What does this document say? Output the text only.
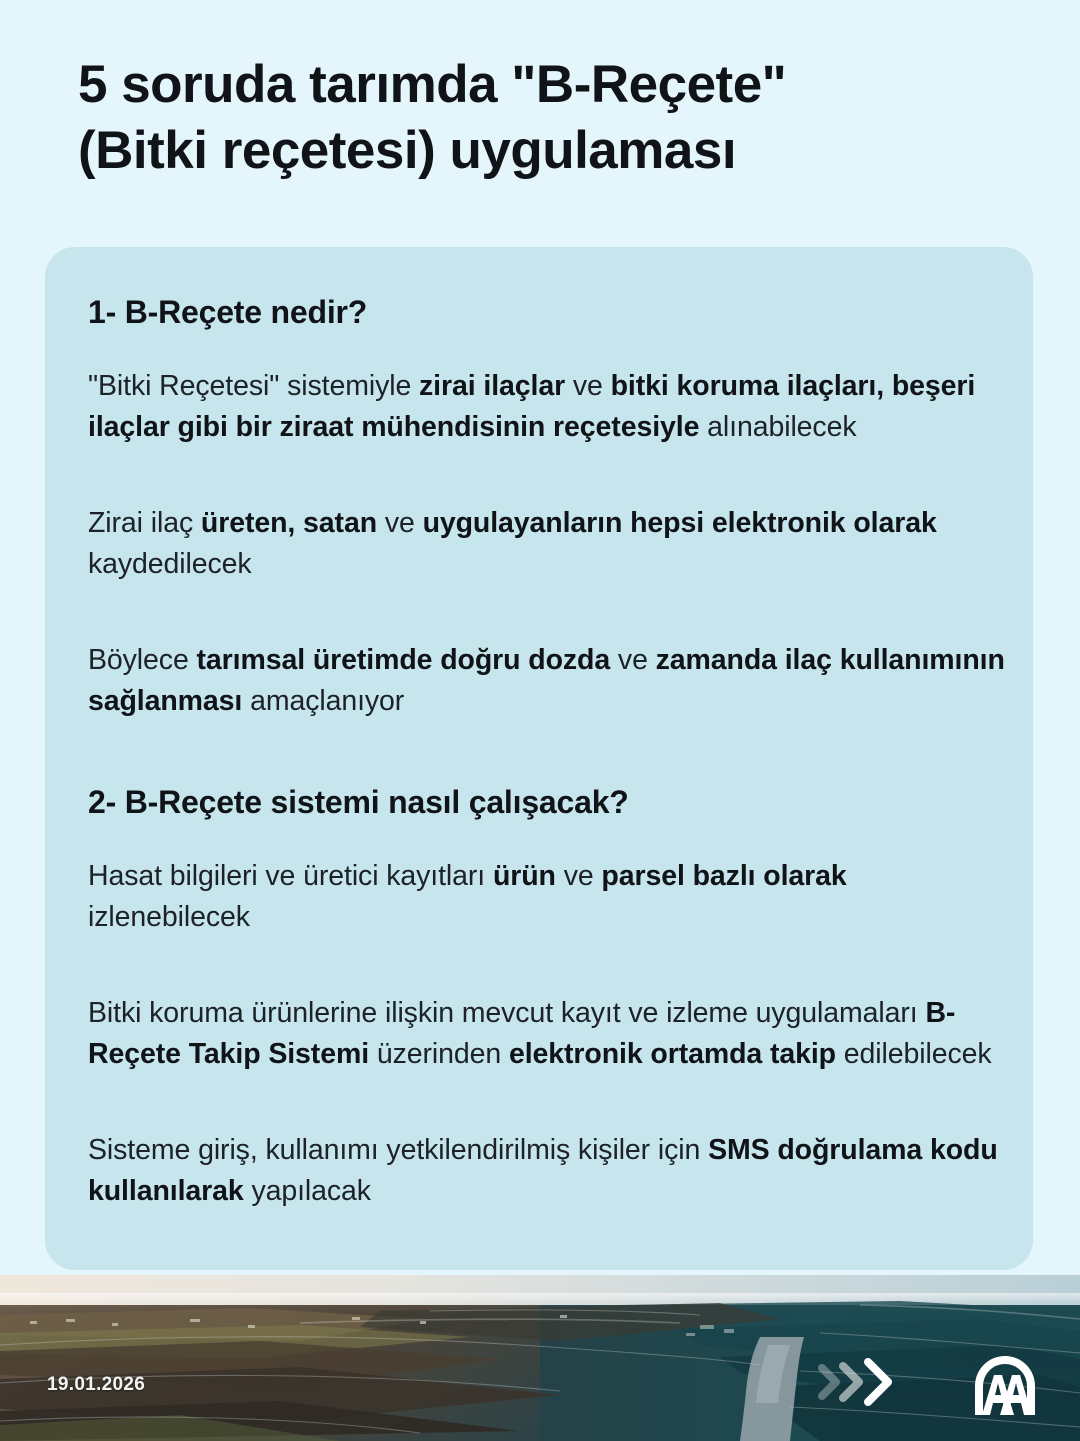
5 soruda tarımda "B-Reçete"
(Bitki reçetesi) uygulaması
1- B-Reçete nedir?

"Bitki Reçetesi" sistemiyle zirai ilaçlar ve bitki koruma ilaçları, beşeri ilaçlar gibi bir ziraat mühendisinin reçetesiyle alınabilecek

Zirai ilaç üreten, satan ve uygulayanların hepsi elektronik olarak kaydedilecek

Böylece tarımsal üretimde doğru dozda ve zamanda ilaç kullanımının sağlanması amaçlanıyor

2- B-Reçete sistemi nasıl çalışacak?

Hasat bilgileri ve üretici kayıtları ürün ve parsel bazlı olarak izlenebilecek

Bitki koruma ürünlerine ilişkin mevcut kayıt ve izleme uygulamaları B-Reçete Takip Sistemi üzerinden elektronik ortamda takip edilebilecek

Sisteme giriş, kullanımı yetkilendirilmiş kişiler için SMS doğrulama kodu kullanılarak yapılacak

19.01.2026
